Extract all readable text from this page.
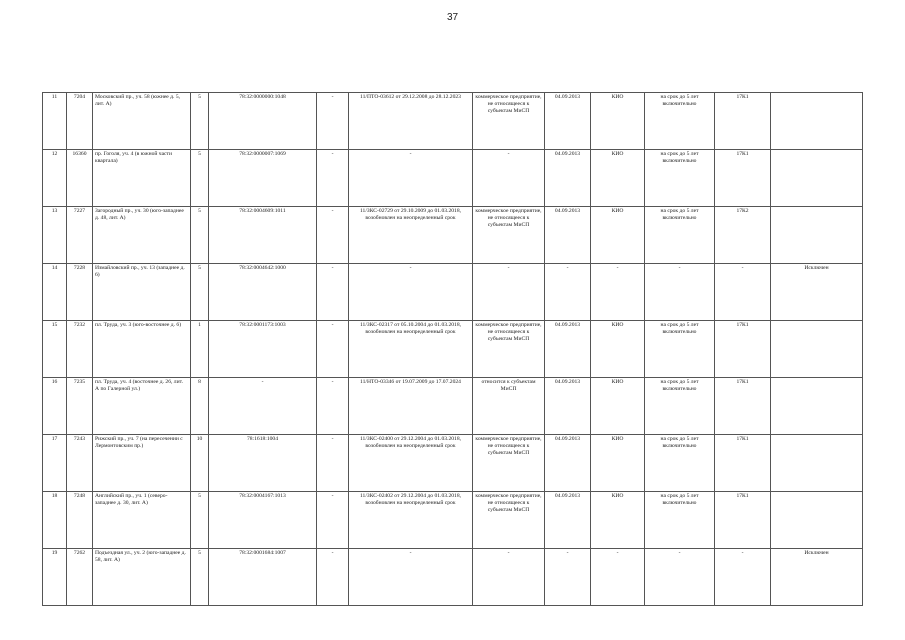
37
11	7204	Московский пр., уч. 58 (южнее д. 5, лит. А)	5	78:32:0000000:1048	-	11/ПТО-03612 от 29.12.2008 до 28.12.2023	коммерческое предприятие, не относящееся к субъектам МиСП	04.09.2013	КИО	на срок до 5 лет включительно	17К1	
12	16360	пр. Гоголя, уч. 4 (в южной части квартала)	5	78:32:0000007:1069	-	-	-	04.09.2013	КИО	на срок до 5 лет включительно	17К1	
13	7227	Загородный пр., уч. 30 (юго-западнее д. 48, лит. А)	5	78:32:0004609:1011	-	11/ЗКС-02729 от 29.10.2009 до 01.03.2018, возобновлен на неопределенный срок	коммерческое предприятие, не относящееся к субъектам МиСП	04.09.2013	КИО	на срок до 5 лет включительно	17К2	
14	7228	Измайловский пр., уч. 13 (западнее д. 6)	5	78:32:0004642:1000	-	-	-	-	-	-	-	Исключен
15	7232	пл. Труда, уч. 3 (юго-восточнее д. 6)	1	78:32:0001173:1003	-	11/ЗКС-02317 от 05.10.2004 до 01.03.2018, возобновлен на неопределенный срок	коммерческое предприятие, не относящееся к субъектам МиСП	04.09.2013	КИО	на срок до 5 лет включительно	17К1	
16	7235	пл. Труда, уч. 4 (восточнее д. 26, лит. А по Галерной ул.)	8	-	-	11/НТО-03346 от 19.07.2009 до 17.07.2024	относится к субъектам МиСП	04.09.2013	КИО	на срок до 5 лет включительно	17К1	
17	7243	Рижский пр., уч. 7 (на пересечении с Лермонтовским пр.)	10	78:1618:1004	-	11/ЗКС-02400 от 29.12.2004 до 01.03.2018, возобновлен на неопределенный срок	коммерческое предприятие, не относящееся к субъектам МиСП	04.09.2013	КИО	на срок до 5 лет включительно	17К1	
18	7248	Английский пр., уч. 1 (северо-западнее д. 30, лит. А)	5	78:32:0004167:1013	-	11/ЗКС-02402 от 29.12.2004 до 01.03.2018, возобновлен на неопределенный срок	коммерческое предприятие, не относящееся к субъектам МиСП	04.09.2013	КИО	на срок до 5 лет включительно	17К1	
19	7262	Подъездная ул., уч. 2 (юго-западнее д. 58, лит. А)	5	78:32:0001684:1007	-	-	-	-	-	-	-	Исключен
